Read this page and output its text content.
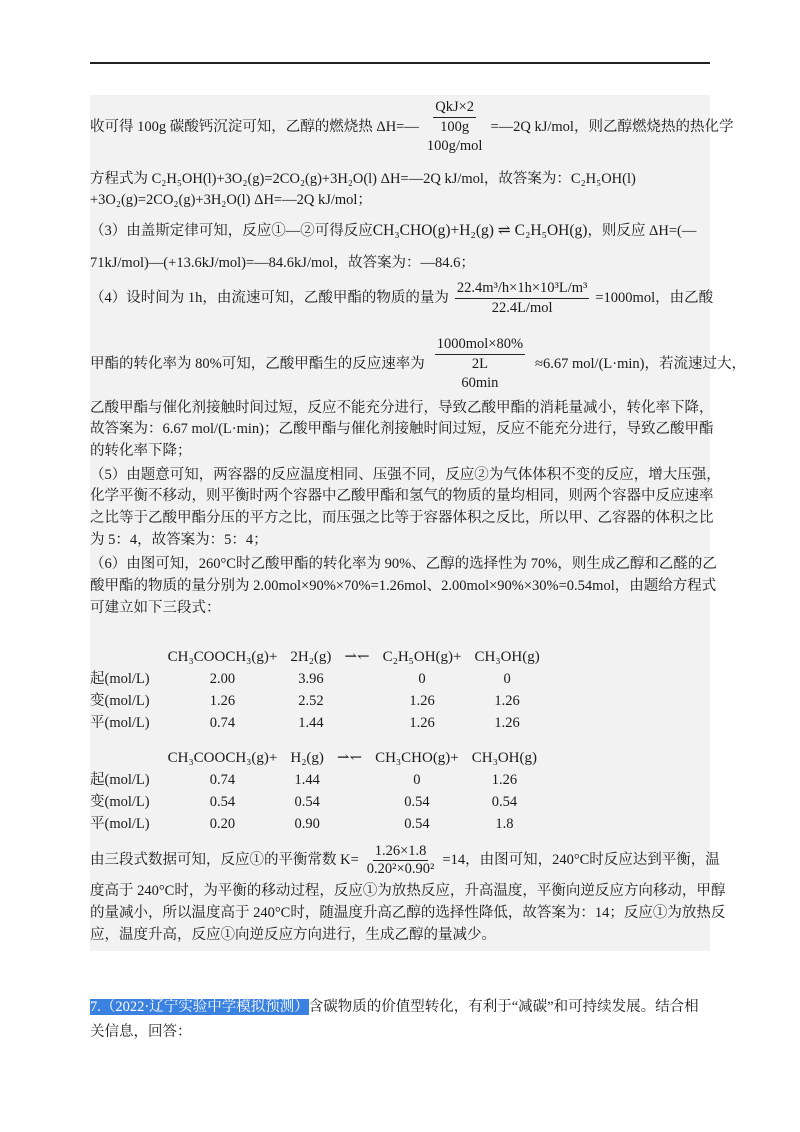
收可得 100g 碳酸钙沉淀可知，乙醇的燃烧热 ΔH=—
QkJ×2
100g
100g/mol
=—2Q kJ/mol，则乙醇燃烧热的热化学
方程式为 C₂H₅OH(l)+3O₂(g)=2CO₂(g)+3H₂O(l) ΔH=—2Q kJ/mol，故答案为：C₂H₅OH(l)
+3O₂(g)=2CO₂(g)+3H₂O(l) ΔH=—2Q kJ/mol；
（3）由盖斯定律可知，反应①—②可得反应 CH₃CHO(g)+H₂(g) ⇌ C₂H₅OH(g) ，则反应 ΔH=(—
71kJ/mol)—(+13.6kJ/mol)=—84.6kJ/mol，故答案为：—84.6；
（4）设时间为 1h，由流速可知，乙酸甲酯的物质的量为 $\frac{\text{22.4m³/h×1h×10³L/m³}}{\text{22.4L/mol}} =1000mol$，由乙酸
甲酯的转化率为 80%可知，乙酸甲酯生的反应速率为
1000mol×80%
2L
60min
≈6.67 mol/(L·min)，若流速过大，
乙酸甲酯与催化剂接触时间过短，反应不能充分进行，导致乙酸甲酯的消耗量减小，转化率下降，
故答案为：6.67 mol/(L·min)；乙酸甲酯与催化剂接触时间过短，反应不能充分进行，导致乙酸甲酯
的转化率下降；
（5）由题意可知，两容器的反应温度相同、压强不同，反应②为气体体积不变的反应，增大压强，
化学平衡不移动，则平衡时两个容器中乙酸甲酯和氢气的物质的量均相同，则两个容器中反应速率
之比等于乙酸甲酯分压的平方之比，而压强之比等于容器体积之反比，所以甲、乙容器的体积之比
为 5：4，故答案为：5：4；
（6）由图可知，260°C时乙酸甲酯的转化率为 90%、乙醇的选择性为 70%，则生成乙醇和乙醛的乙
酸甲酯的物质的量分别为 2.00mol×90%×70%=1.26mol、2.00mol×90%×30%=0.54mol，由题给方程式
可建立如下三段式：
	CH₃COOCH₃(g)+	2H₂(g)	⇀↽	C₂H₅OH(g)+	CH₃OH(g)
起(mol/L)	2.00	3.96		0	0
变(mol/L)	1.26	2.52		1.26	1.26
平(mol/L)	0.74	1.44		1.26	1.26
	CH₃COOCH₃(g)+	H₂(g)	⇀↽	CH₃CHO(g)+	CH₃OH(g)
起(mol/L)	0.74	1.44		0	1.26
变(mol/L)	0.54	0.54		0.54	0.54
平(mol/L)	0.20	0.90		0.54	1.8
由三段式数据可知，反应①的平衡常数 $K= \frac{1.26\times 1.8}{\text{0.20²×0.90²}} =14$，由图可知，240°C时反应达到平衡，温
度高于 240°C时，为平衡的移动过程，反应①为放热反应，升高温度，平衡向逆反应方向移动，甲醇
的量减小，所以温度高于 240°C时，随温度升高乙醇的选择性降低，故答案为：14；反应①为放热反
应，温度升高，反应①向逆反应方向进行，生成乙醇的量减少。
7.（2022·辽宁实验中学模拟预测）含碳物质的价值型转化，有利于“减碳”和可持续发展。结合相
关信息，回答：
